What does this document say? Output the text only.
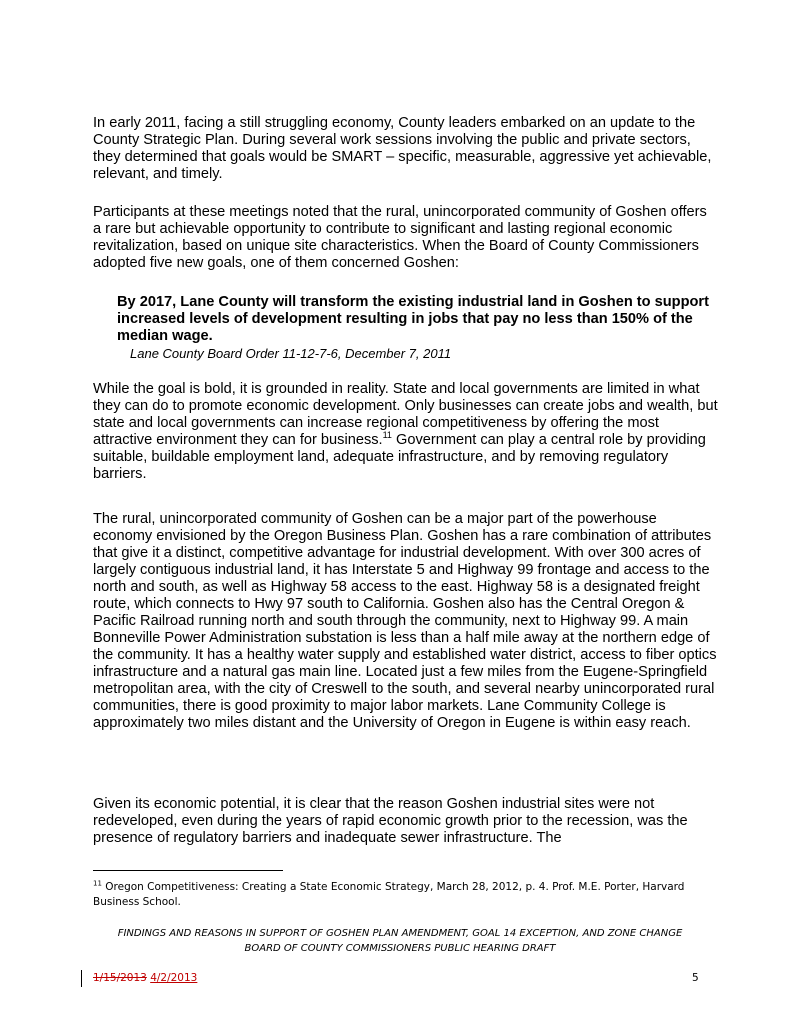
In early 2011, facing a still struggling economy, County leaders embarked on an update to the County Strategic Plan. During several work sessions involving the public and private sectors, they determined that goals would be SMART – specific, measurable, aggressive yet achievable, relevant, and timely.

Participants at these meetings noted that the rural, unincorporated community of Goshen offers a rare but achievable opportunity to contribute to significant and lasting regional economic revitalization, based on unique site characteristics. When the Board of County Commissioners adopted five new goals, one of them concerned Goshen:

By 2017, Lane County will transform the existing industrial land in Goshen to support increased levels of development resulting in jobs that pay no less than 150% of the median wage.
Lane County Board Order 11-12-7-6, December 7, 2011

While the goal is bold, it is grounded in reality. State and local governments are limited in what they can do to promote economic development. Only businesses can create jobs and wealth, but state and local governments can increase regional competitiveness by offering the most attractive environment they can for business.$^{11}$ Government can play a central role by providing suitable, buildable employment land, adequate infrastructure, and by removing regulatory barriers.

The rural, unincorporated community of Goshen can be a major part of the powerhouse economy envisioned by the Oregon Business Plan. Goshen has a rare combination of attributes that give it a distinct, competitive advantage for industrial development. With over 300 acres of largely contiguous industrial land, it has Interstate 5 and Highway 99 frontage and access to the north and south, as well as Highway 58 access to the east. Highway 58 is a designated freight route, which connects to Hwy 97 south to California. Goshen also has the Central Oregon & Pacific Railroad running north and south through the community, next to Highway 99. A main Bonneville Power Administration substation is less than a half mile away at the northern edge of the community. It has a healthy water supply and established water district, access to fiber optics infrastructure and a natural gas main line. Located just a few miles from the Eugene-Springfield metropolitan area, with the city of Creswell to the south, and several nearby unincorporated rural communities, there is good proximity to major labor markets. Lane Community College is approximately two miles distant and the University of Oregon in Eugene is within easy reach.

Given its economic potential, it is clear that the reason Goshen industrial sites were not redeveloped, even during the years of rapid economic growth prior to the recession, was the presence of regulatory barriers and inadequate sewer infrastructure. The

$^{11}$ Oregon Competitiveness: Creating a State Economic Strategy, March 28, 2012, p. 4. Prof. M.E. Porter, Harvard Business School.
FINDINGS AND REASONS IN SUPPORT OF GOSHEN PLAN AMENDMENT, GOAL 14 EXCEPTION, AND ZONE CHANGE
BOARD OF COUNTY COMMISSIONERS PUBLIC HEARING DRAFT
1/15/2013 4/2/2013	5
